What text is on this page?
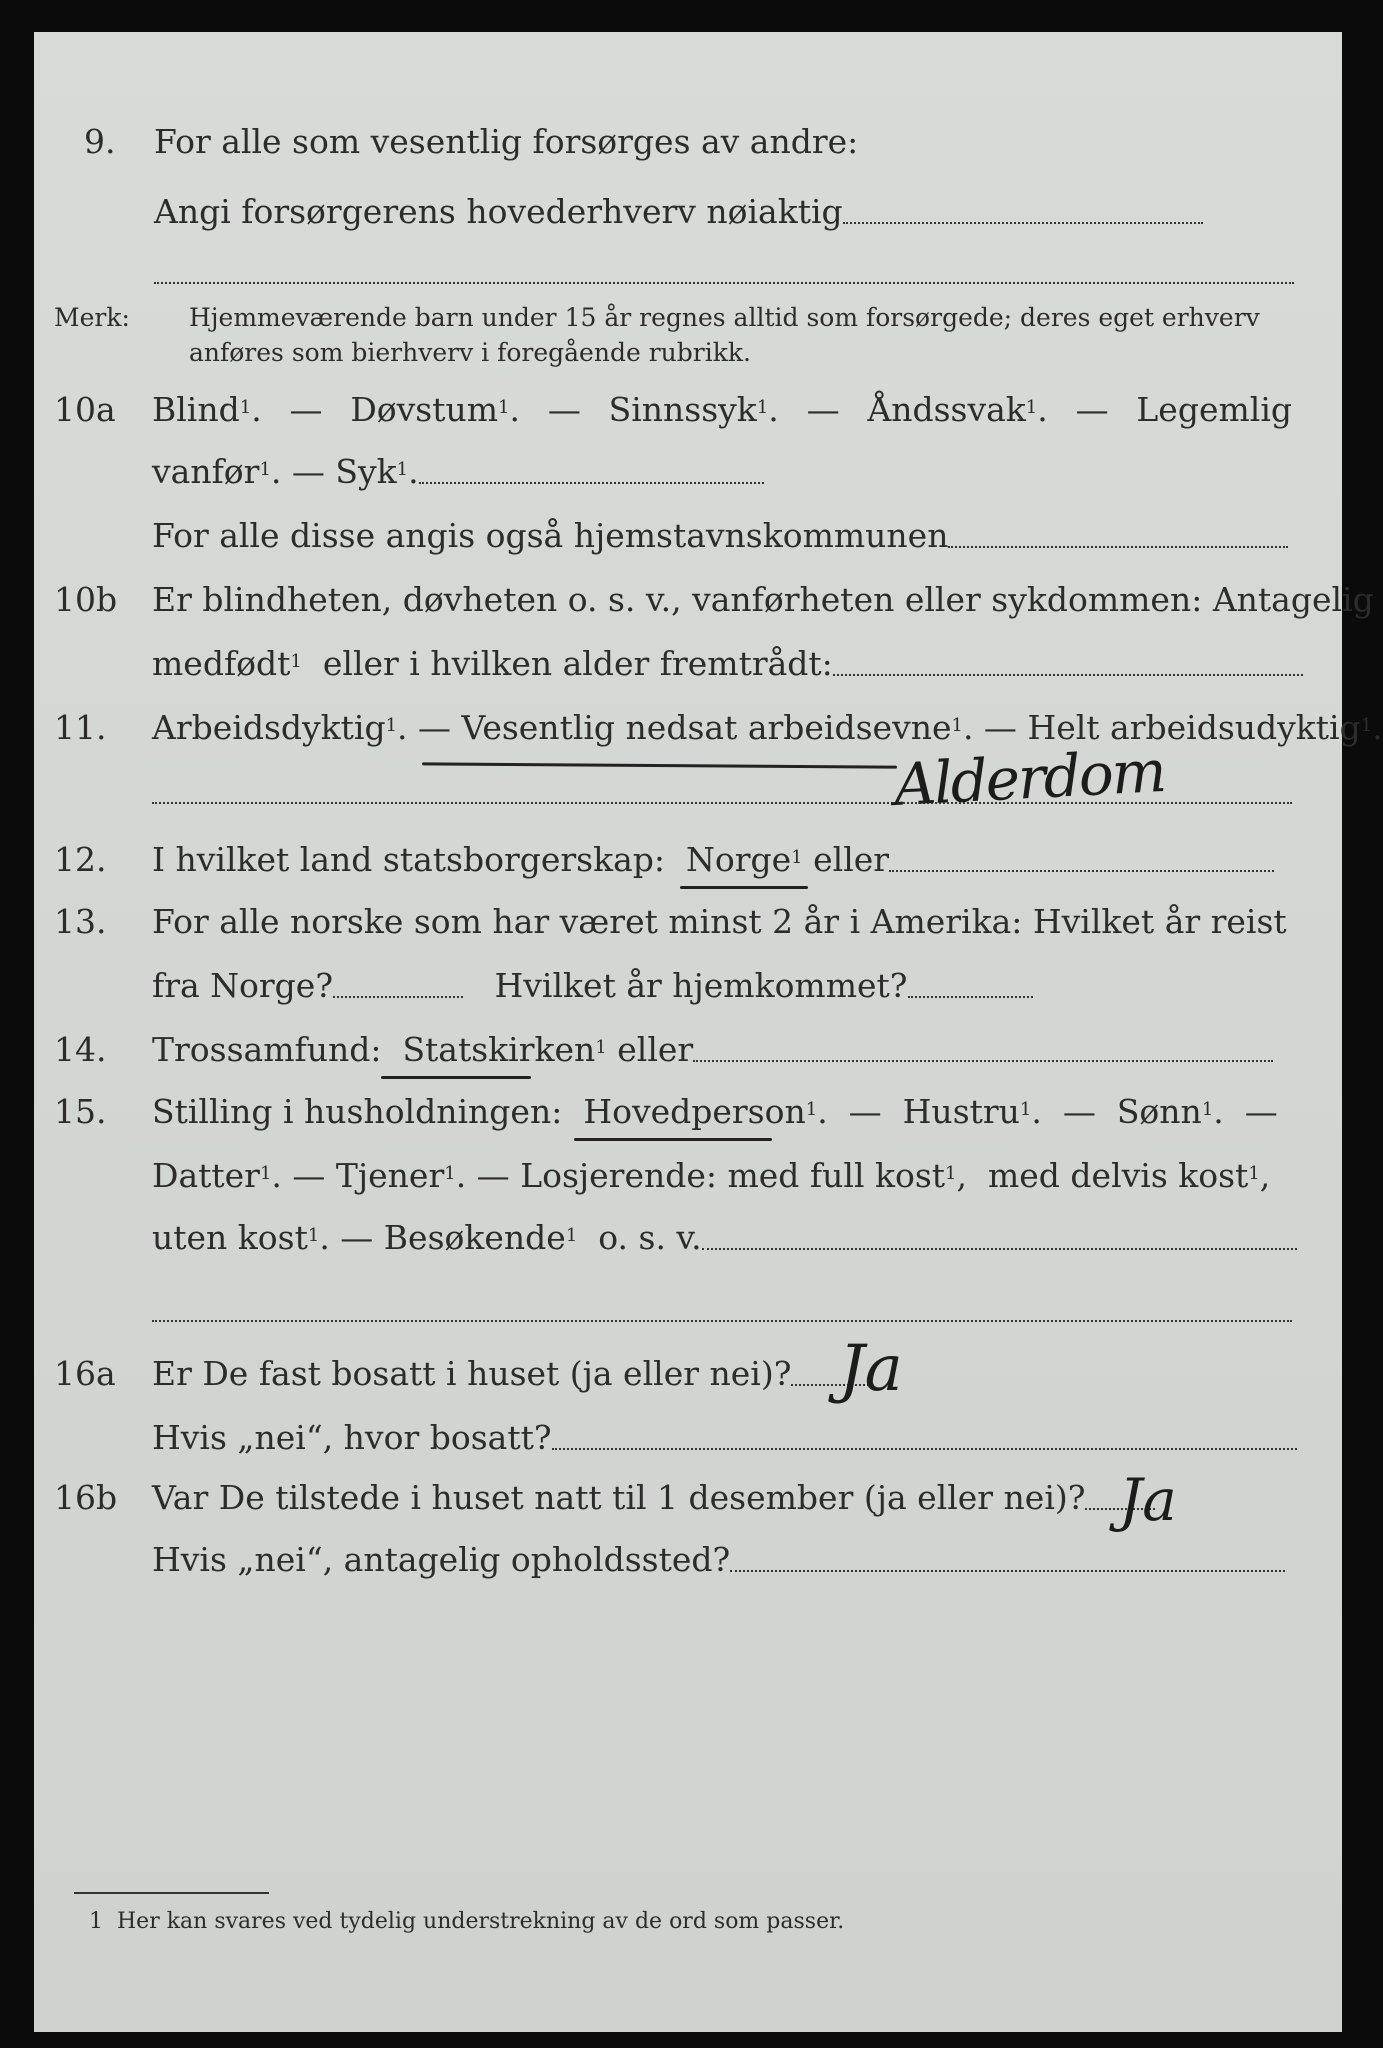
9. For alle som vesentlig forsørges av andre:
Angi forsørgerens hovederhverv nøiaktig
Merk: Hjemmeværende barn under 15 år regnes alltid som forsørgede; deres eget erhverv
anføres som bierhverv i foregående rubrikk.
10a Blind$^1$. — Døvstum$^1$. — Sinnssyk$^1$. — Åndssvak$^1$. — Legemlig
vanfør$^1$. — Syk$^1$.
For alle disse angis også hjemstavnskommunen
10b Er blindheten, døvheten o. s. v., vanførheten eller sykdommen: Antagelig
medfødt$^1$ eller i hvilken alder fremtrådt:
11. Arbeidsdyktig$^1$. — Vesentlig nedsat arbeidsevne$^1$. — Helt arbeidsudyktig$^1$.
Alderdom
12. I hvilket land statsborgerskap: Norge$^1$ eller
13. For alle norske som har været minst 2 år i Amerika: Hvilket år reist
fra Norge?	Hvilket år hjemkommet?
14. Trossamfund: Statskirken$^1$ eller
15. Stilling i husholdningen: Hovedperson$^1$.  —  Hustru$^1$.  —  Sønn$^1$.  —
Datter$^1$. — Tjener$^1$. — Losjerende: med full kost$^1$,  med delvis kost$^1$,
uten kost$^1$. — Besøkende$^1$ o. s. v.
16a Er De fast bosatt i huset (ja eller nei)? Ja
Hvis „nei“, hvor bosatt?
16b Var De tilstede i huset natt til 1 desember (ja eller nei)? Ja
Hvis „nei“, antagelig opholdssted?
1 Her kan svares ved tydelig understrekning av de ord som passer.
